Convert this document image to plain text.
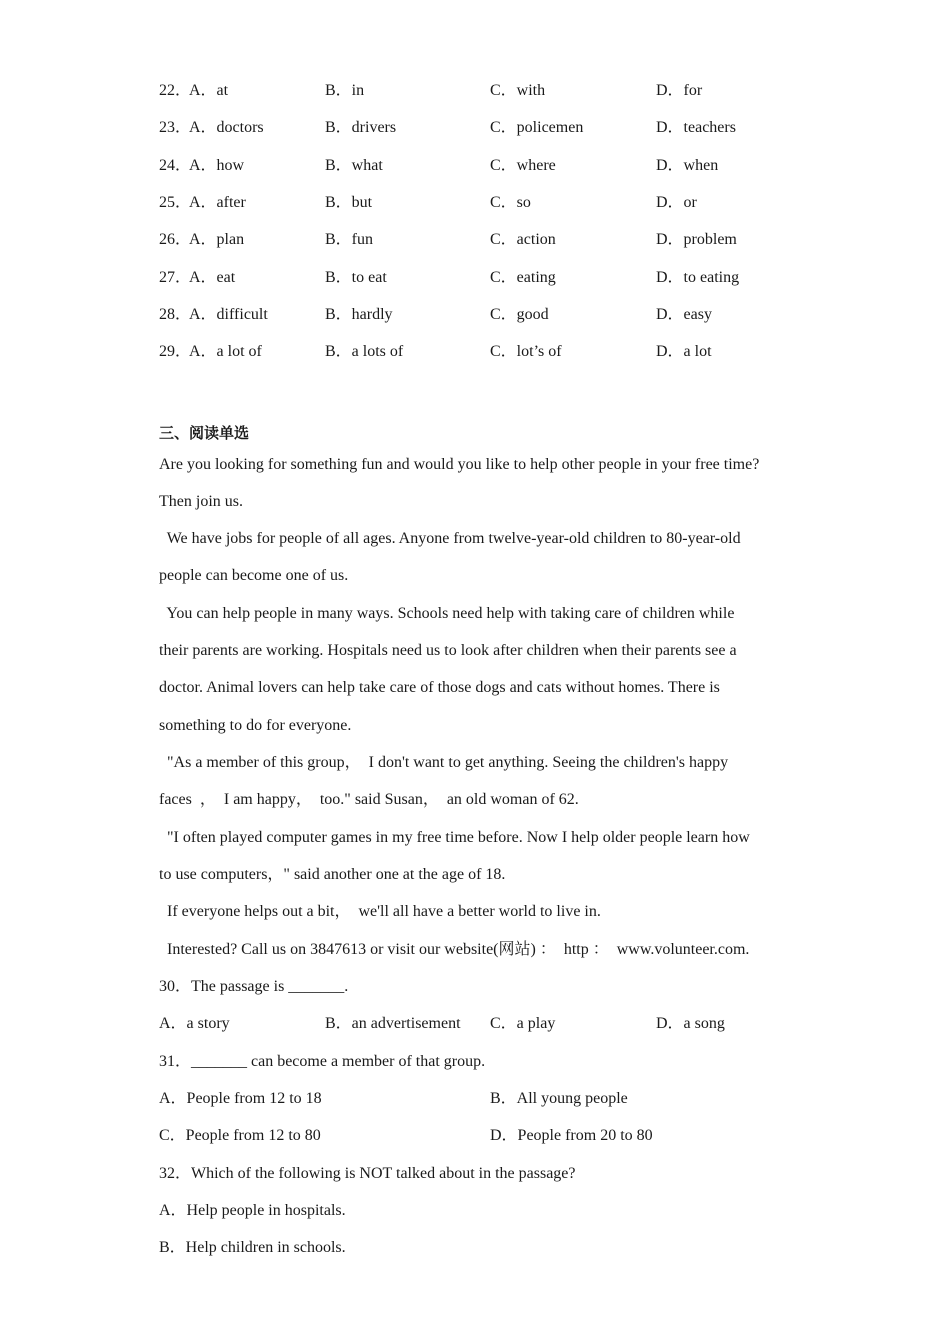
22．
A．at	B．in	C．with	D．for
23．
A．doctors	B．drivers	C．policemen	D．teachers
24．
A．how	B．what	C．where	D．when
25．
A．after	B．but	C．so	D．or
26．
A．plan	B．fun	C．action	D．problem
27．
A．eat	B．to eat	C．eating	D．to eating
28．
A．difficult	B．hardly	C．good	D．easy
29．
A．a lot of	B．a lots of	C．lot’s of	D．a lot
三、阅读单选
Are you looking for something fun and would you like to help other people in your free time?
Then join us.
We have jobs for people of all ages. Anyone from twelve-year-old children to 80-year-old
people can become one of us.
You can help people in many ways. Schools need help with taking care of children while
their parents are working. Hospitals need us to look after children when their parents see a
doctor. Animal lovers can help take care of those dogs and cats without homes. There is
something to do for everyone.
"As a member of this group，  I don't want to get anything. Seeing the children's happy
faces  ，  I am happy，  too." said Susan，  an old woman of 62.
"I often played computer games in my free time before. Now I help older people learn how
to use computers，" said another one at the age of 18.
If everyone helps out a bit，  we'll all have a better world to live in.
Interested? Call us on 3847613 or visit our website(网站) ：  http ：  www.volunteer.com.
30．The passage is _______.
A．a story	B．an advertisement C．a play	D．a song
31．_______ can become a member of that group.
A．People from 12 to 18	B．All young people
C．People from 12 to 80	D．People from 20 to 80
32．Which of the following is NOT talked about in the passage?
A．Help people in hospitals.
B．Help children in schools.
